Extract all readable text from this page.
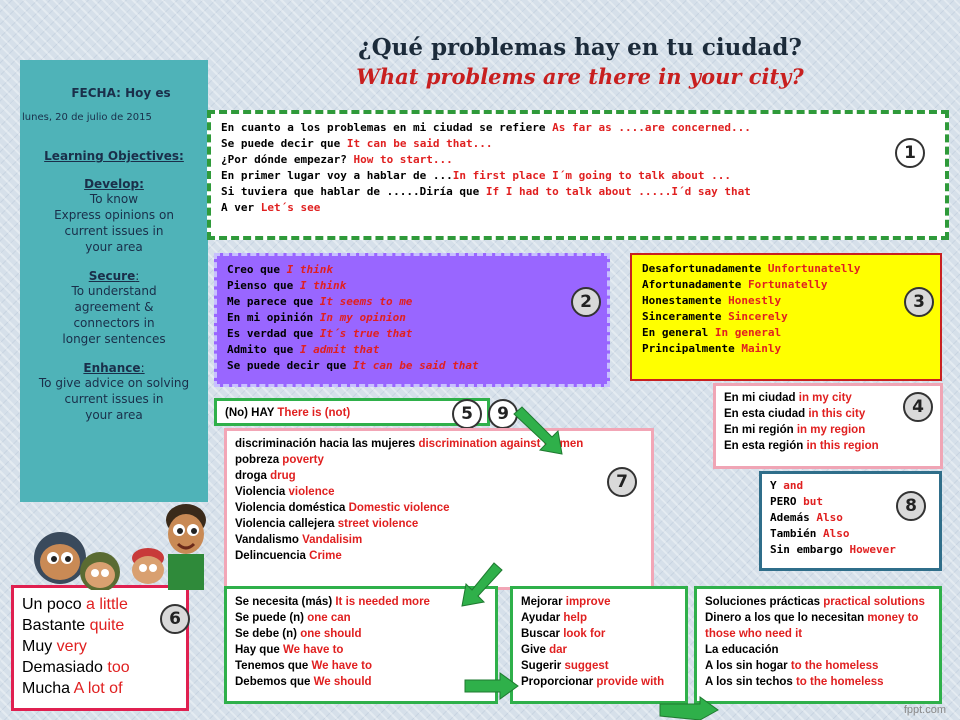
¿Qué problemas hay en tu ciudad?
What problems are there in your city?
FECHA: Hoy es
lunes, 20 de julio de 2015
Learning Objectives:
Develop:
To know
Express opinions on
current issues in
your area
Secure:
To understand
agreement &
connectors in
longer sentences
Enhance:
To give advice on solving
current issues in
your area
En cuanto a los problemas en mi ciudad se refiere As far as ....are concerned...
Se puede decir que It can be said that...
¿Por dónde empezar? How to start...
En primer lugar voy a hablar de ...In first place I´m going to talk about ...
Si tuviera que hablar de .....Diría que If I had to talk about .....I´d say that
A ver Let´s see
1
Creo que I think
Pienso que I think
Me parece que It seems to me
En mi opinión In my opinion
Es verdad que It´s true that
Admito que I admit that
Se puede decir que It can be said that
2
Desafortunadamente Unfortunatelly
Afortunadamente Fortunatelly
Honestamente Honestly
Sinceramente Sincerely
En general In general
Principalmente Mainly
3
En mi ciudad in my city
En esta ciudad in this city
En mi región in my region
En esta región in this region
4
(No) HAY There is (not)	5	9
discriminación hacia las mujeres discrimination against women
pobreza poverty
droga drug
Violencia violence
Violencia doméstica Domestic violence
Violencia callejera street violence
Vandalismo Vandalisim
Delincuencia Crime
7	Y and
PERO but
Además Also
También Also
Sin embargo However
8
Un poco a little
Bastante quite
Muy very
Demasiado too
Mucha A lot of
6
Se necesita (más) It is needed more
Se puede (n) one can
Se debe (n) one should
Hay que We have to
Tenemos que We have to
Debemos que We should
Mejorar improve
Ayudar help
Buscar look for
Give dar
Sugerir suggest
Proporcionar provide with
Soluciones prácticas practical solutions
Dinero a los que lo necesitan money to
those who need it
La educación
A los sin hogar to the homeless
A los sin techos to the homeless
fppt.com
